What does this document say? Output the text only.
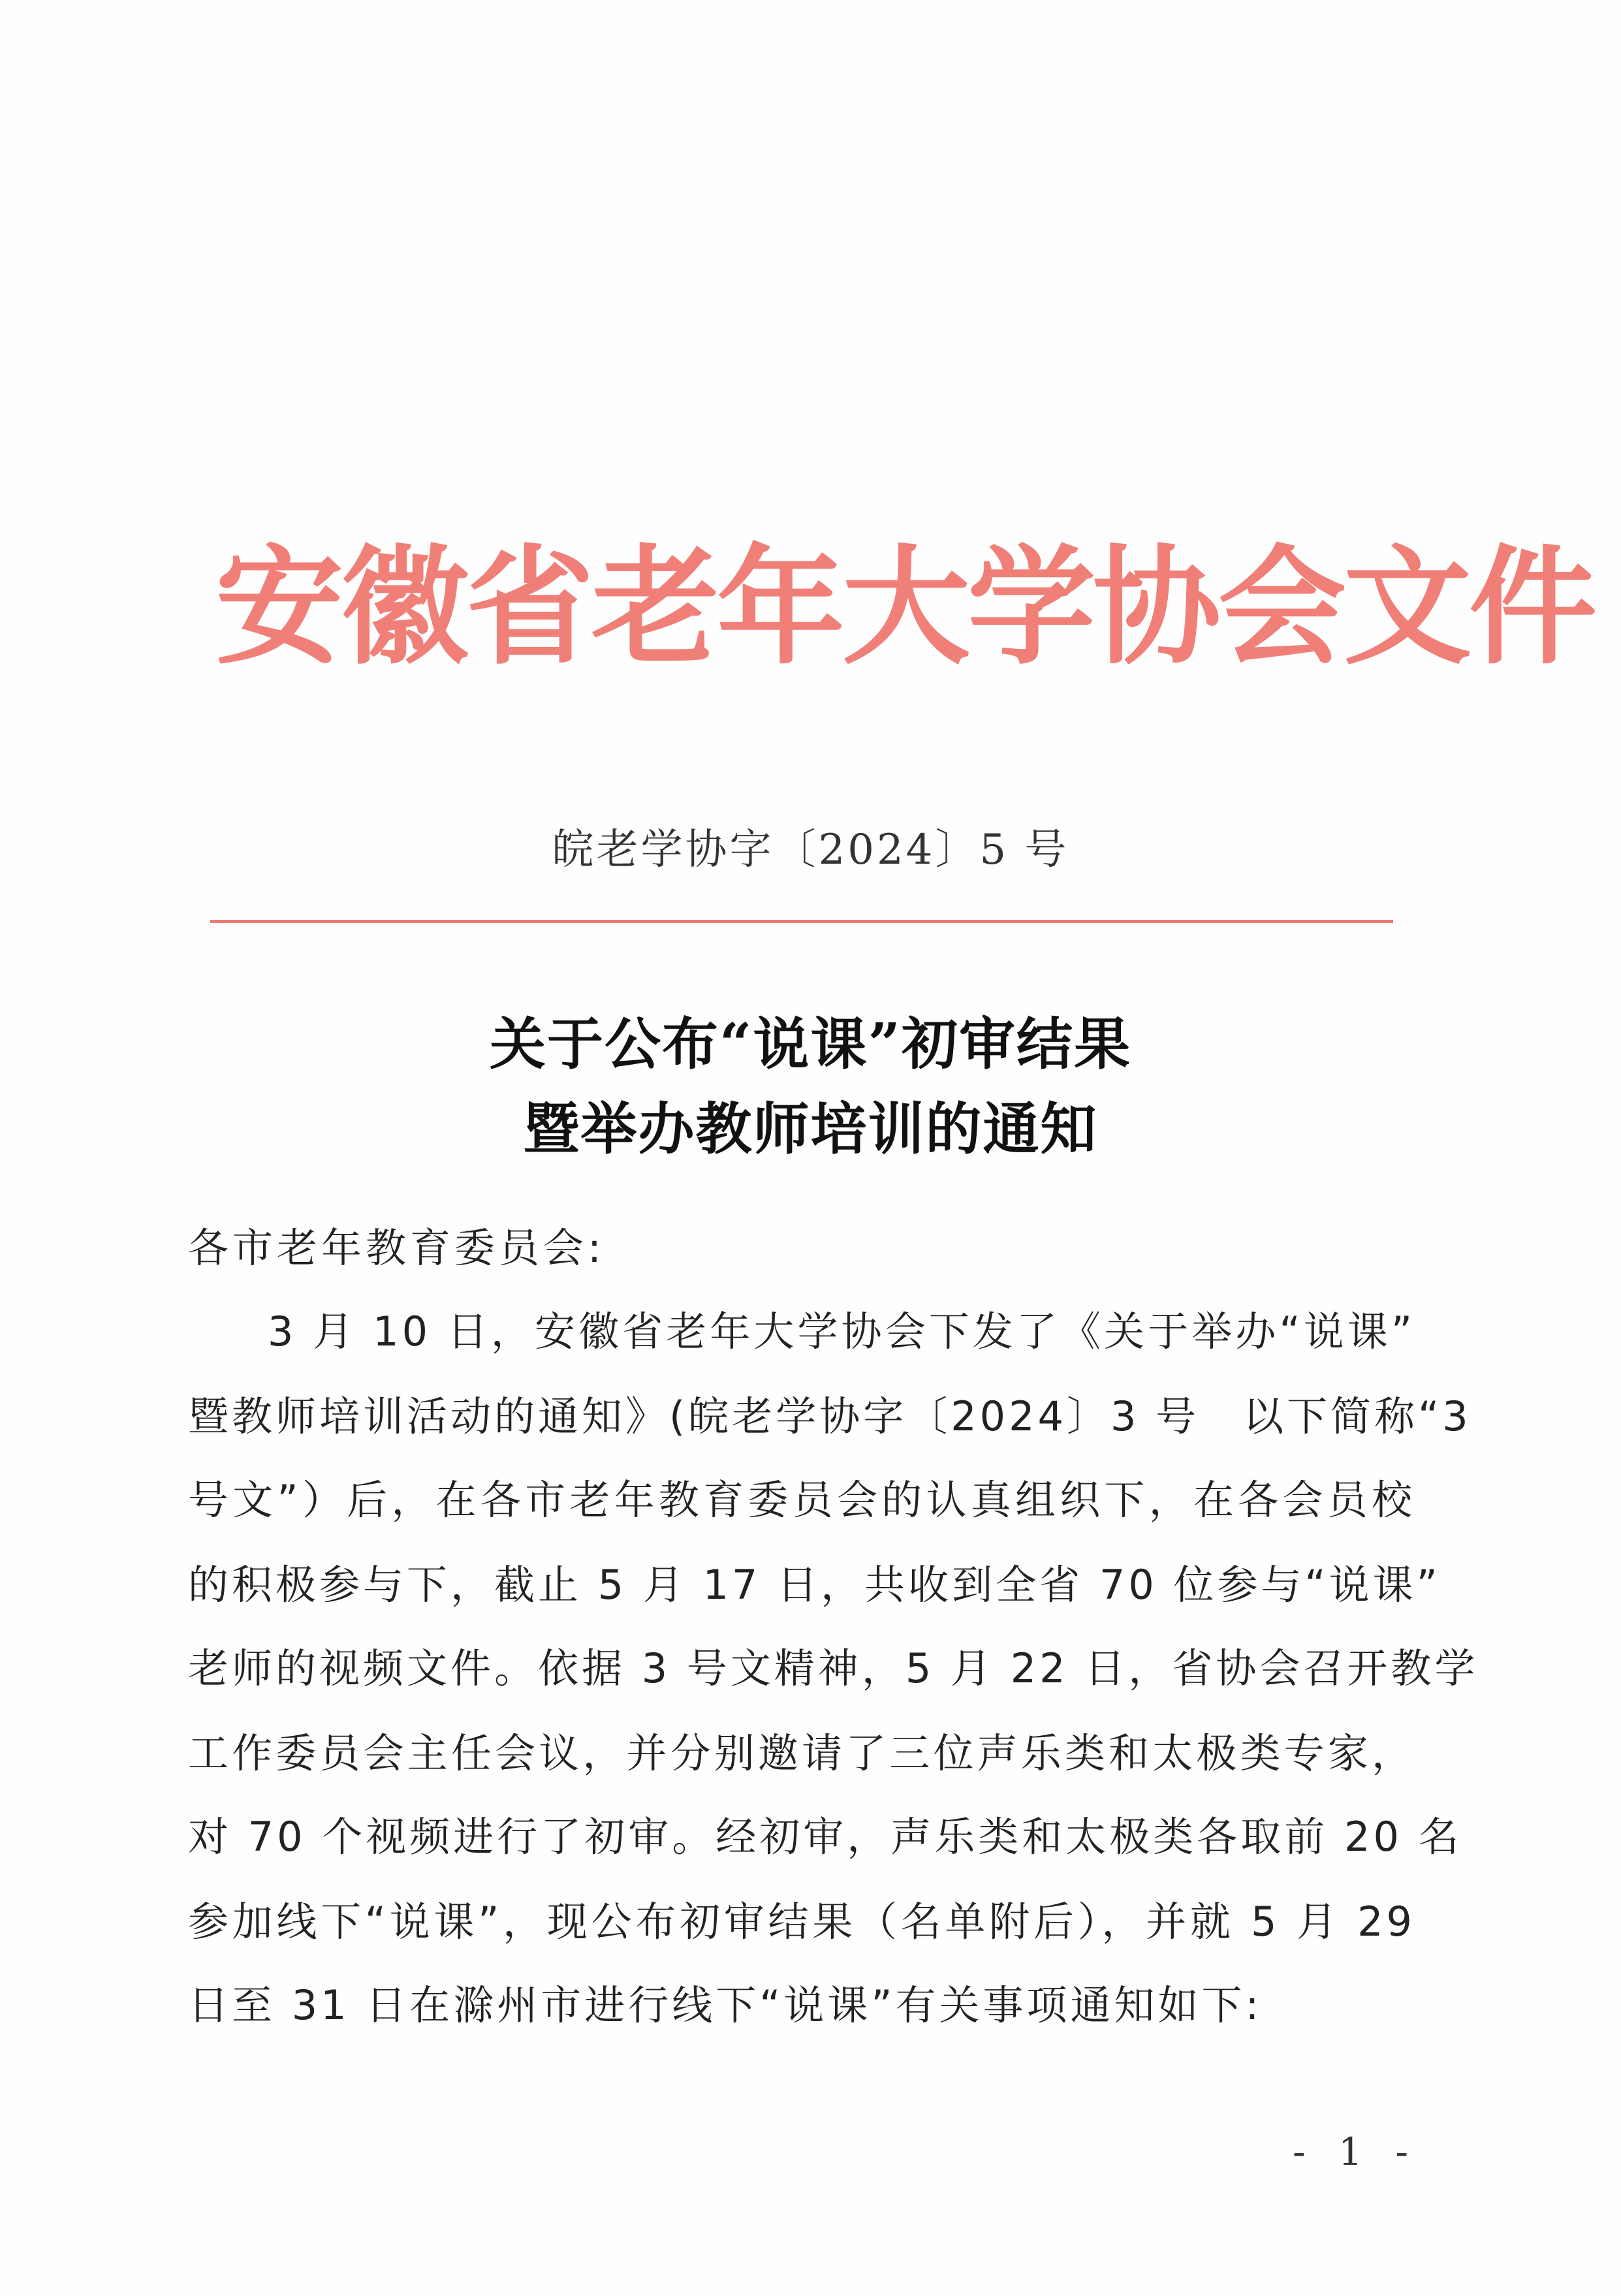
安徽省老年大学协会文件
皖老学协字〔2024〕5 号
关于公布“说课”初审结果
暨举办教师培训的通知
各市老年教育委员会:
3 月 10 日，安徽省老年大学协会下发了《关于举办“说课”
暨教师培训活动的通知》(皖老学协字〔2024〕3 号　以下简称“3
号文”）后，在各市老年教育委员会的认真组织下，在各会员校
的积极参与下，截止 5 月 17 日，共收到全省 70 位参与“说课”
老师的视频文件。依据 3 号文精神，5 月 22 日，省协会召开教学
工作委员会主任会议，并分别邀请了三位声乐类和太极类专家，
对 70 个视频进行了初审。经初审，声乐类和太极类各取前 20 名
参加线下“说课”，现公布初审结果（名单附后），并就 5 月 29
日至 31 日在滁州市进行线下“说课”有关事项通知如下:
- 1 -
